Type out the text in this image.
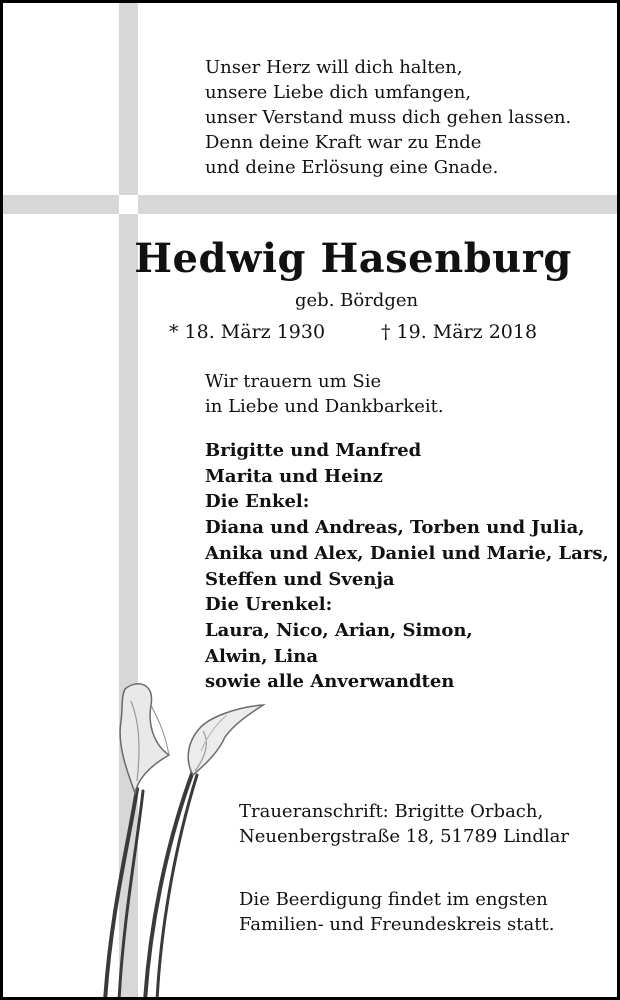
Unser Herz will dich halten,
unsere Liebe dich umfangen,
unser Verstand muss dich gehen lassen.
Denn deine Kraft war zu Ende
und deine Erlösung eine Gnade.
Hedwig Hasenburg
geb. Bördgen
* 18. März 1930	† 19. März 2018
Wir trauern um Sie
in Liebe und Dankbarkeit.
Brigitte und Manfred
Marita und Heinz
Die Enkel:
Diana und Andreas, Torben und Julia,
Anika und Alex, Daniel und Marie, Lars,
Steffen und Svenja
Die Urenkel:
Laura, Nico, Arian, Simon,
Alwin, Lina
sowie alle Anverwandten
Traueranschrift: Brigitte Orbach,
Neuenbergstraße 18, 51789 Lindlar
Die Beerdigung findet im engsten
Familien- und Freundeskreis statt.
